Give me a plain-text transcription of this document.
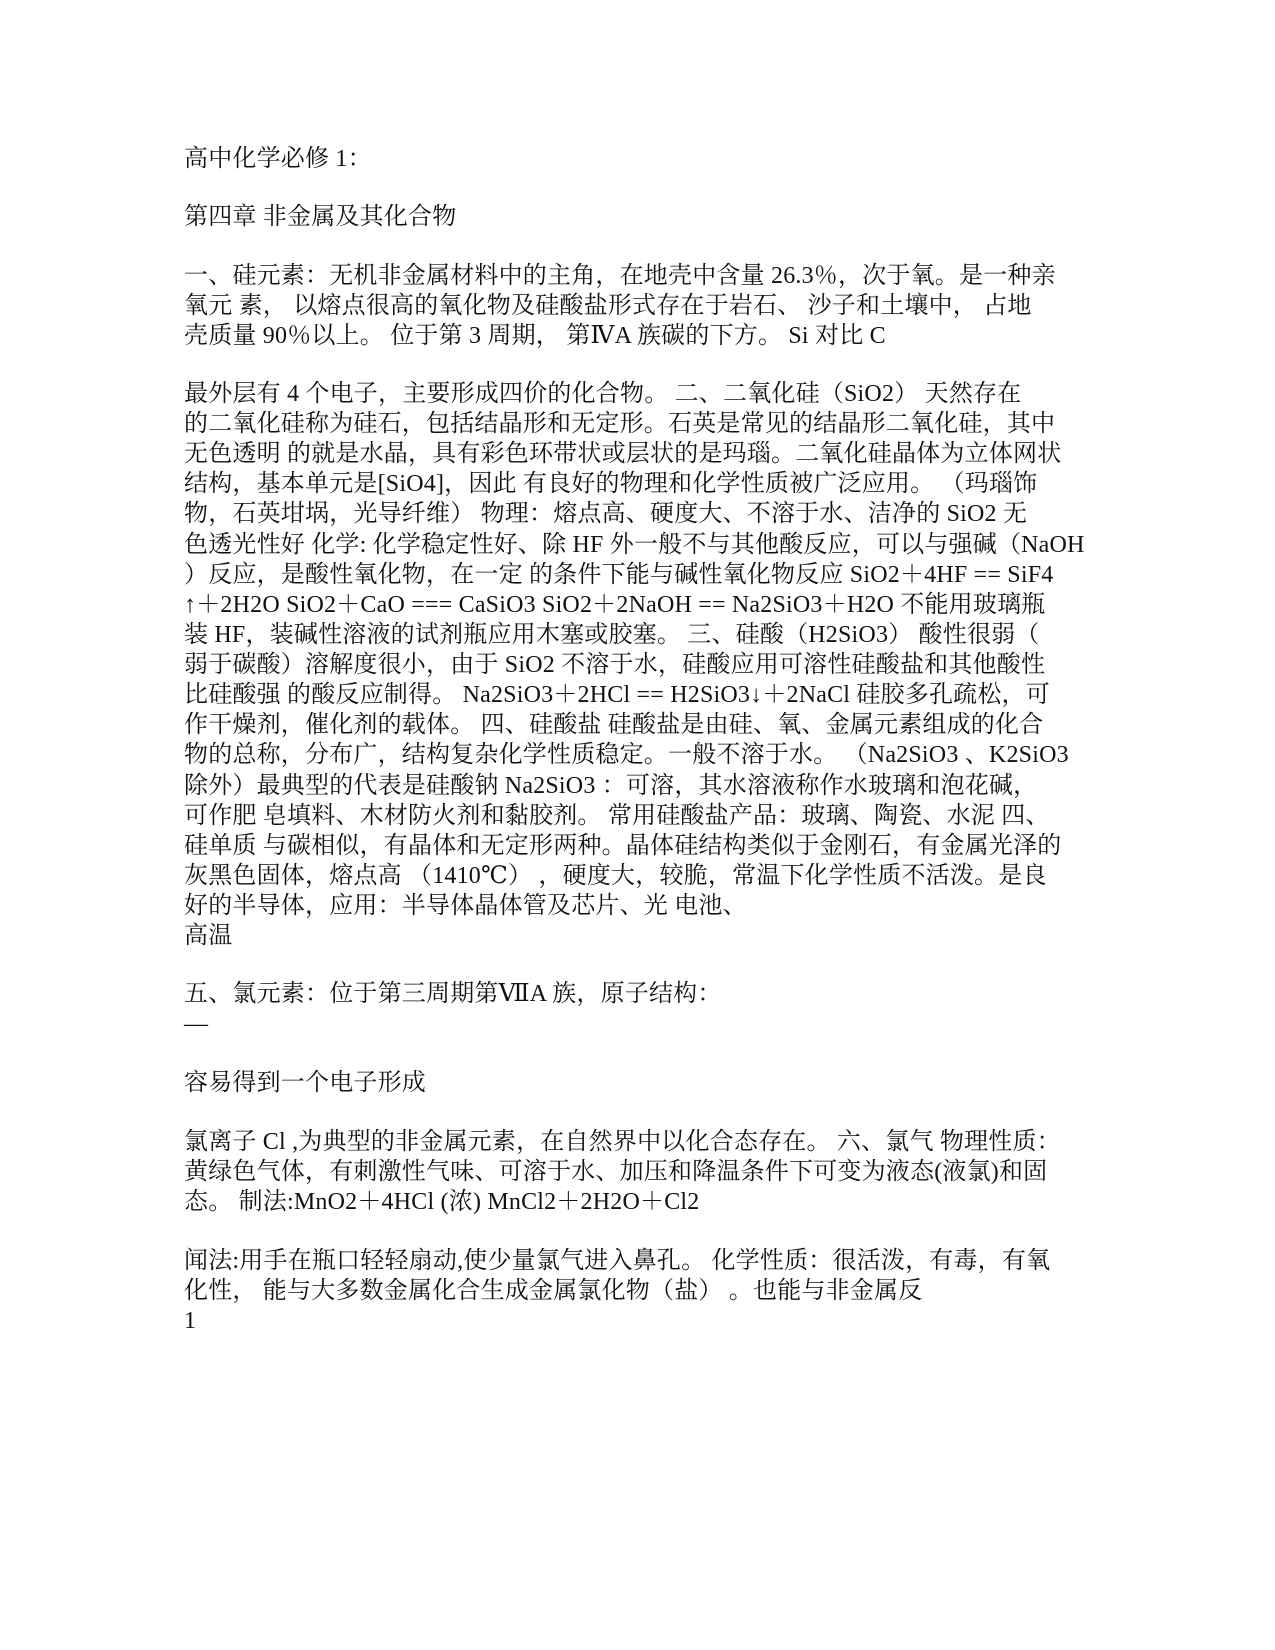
高中化学必修 1：
第四章 非金属及其化合物
一、硅元素：无机非金属材料中的主角，在地壳中含量 26.3％，次于氧。是一种亲
氧元 素， 以熔点很高的氧化物及硅酸盐形式存在于岩石、 沙子和土壤中， 占地
壳质量 90％以上。 位于第 3 周期， 第ⅣA 族碳的下方。 Si 对比 C
最外层有 4 个电子，主要形成四价的化合物。 二、二氧化硅（SiO2） 天然存在
的二氧化硅称为硅石，包括结晶形和无定形。石英是常见的结晶形二氧化硅，其中
无色透明 的就是水晶，具有彩色环带状或层状的是玛瑙。二氧化硅晶体为立体网状
结构，基本单元是[SiO4]，因此 有良好的物理和化学性质被广泛应用。 （玛瑙饰
物，石英坩埚，光导纤维） 物理：熔点高、硬度大、不溶于水、洁净的 SiO2 无
色透光性好 化学: 化学稳定性好、除 HF 外一般不与其他酸反应，可以与强碱（NaOH
）反应，是酸性氧化物，在一定 的条件下能与碱性氧化物反应 SiO2＋4HF == SiF4
↑＋2H2O SiO2＋CaO === CaSiO3 SiO2＋2NaOH == Na2SiO3＋H2O 不能用玻璃瓶
装 HF，装碱性溶液的试剂瓶应用木塞或胶塞。 三、硅酸（H2SiO3） 酸性很弱（
弱于碳酸）溶解度很小，由于 SiO2 不溶于水，硅酸应用可溶性硅酸盐和其他酸性
比硅酸强 的酸反应制得。 Na2SiO3＋2HCl == H2SiO3↓＋2NaCl 硅胶多孔疏松，可
作干燥剂，催化剂的载体。 四、硅酸盐 硅酸盐是由硅、氧、金属元素组成的化合
物的总称，分布广，结构复杂化学性质稳定。一般不溶于水。 （Na2SiO3 、K2SiO3
除外）最典型的代表是硅酸钠 Na2SiO3 ：可溶，其水溶液称作水玻璃和泡花碱，
可作肥 皂填料、木材防火剂和黏胶剂。 常用硅酸盐产品：玻璃、陶瓷、水泥 四、
硅单质 与碳相似，有晶体和无定形两种。晶体硅结构类似于金刚石，有金属光泽的
灰黑色固体，熔点高 （1410℃） ，硬度大，较脆，常温下化学性质不活泼。是良
好的半导体，应用：半导体晶体管及芯片、光 电池、
高温
五、氯元素：位于第三周期第ⅦA 族，原子结构：
—
容易得到一个电子形成
氯离子 Cl ,为典型的非金属元素，在自然界中以化合态存在。 六、氯气 物理性质：
黄绿色气体，有刺激性气味、可溶于水、加压和降温条件下可变为液态(液氯)和固
态。 制法:MnO2＋4HCl (浓) MnCl2＋2H2O＋Cl2
闻法:用手在瓶口轻轻扇动,使少量氯气进入鼻孔。 化学性质：很活泼，有毒，有氧
化性， 能与大多数金属化合生成金属氯化物（盐） 。也能与非金属反
1
